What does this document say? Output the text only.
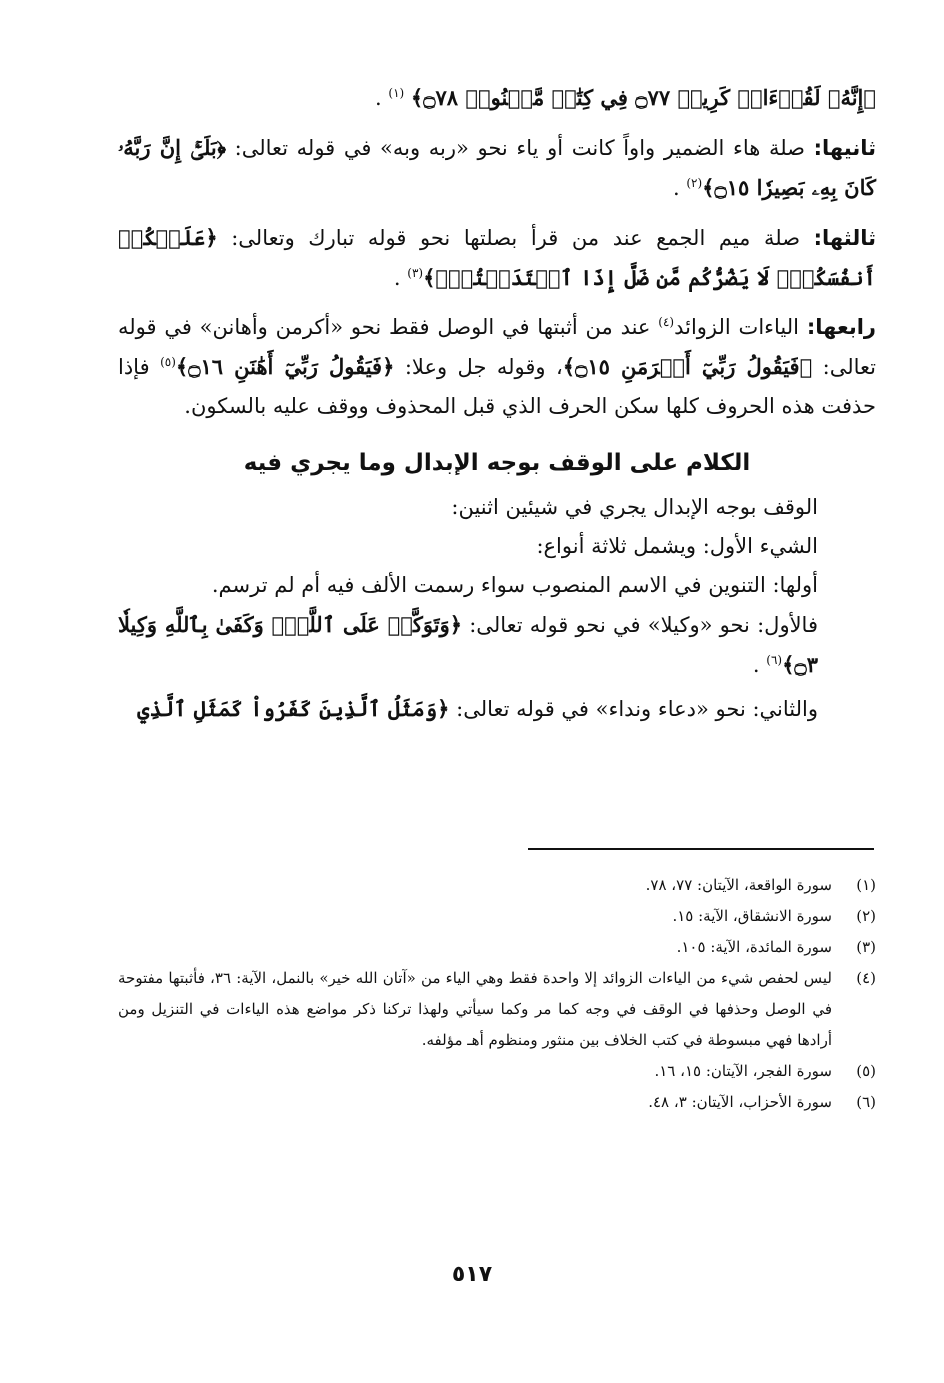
﴿إِنَّهُۥ لَقُرۡءَانٞ كَرِيمٞ ۝٧٧ فِي كِتَٰبٖ مَّكۡنُونٖ ۝٧٨﴾ $^{(١)}$ .

ثانيها: صلة هاء الضمير واواً كانت أو ياء نحو «ربه وبه» في قوله تعالى: ﴿بَلَىٰٓۚ إِنَّ رَبَّهُۥ كَانَ بِهِۦ بَصِيرٗا ۝١٥﴾$^{(٢)}$ .

ثالثها: صلة ميم الجمع عند من قرأ بصلتها نحو قوله تبارك وتعالى: ﴿عَلَيۡكُمۡ أَنفُسَكُمۡۖ لَا يَضُرُّكُم مَّن ضَلَّ إِذَا ٱهۡتَدَيۡتُمۡۚ﴾$^{(٣)}$ .

رابعها: الياءات الزوائد$^{(٤)}$ عند من أثبتها في الوصل فقط نحو «أكرمن وأهانن» في قوله تعالى: ﴿فَيَقُولُ رَبِّيٓ أَكۡرَمَنِ ۝١٥﴾، وقوله جل وعلا: ﴿فَيَقُولُ رَبِّيٓ أَهَٰنَنِ ۝١٦﴾$^{(٥)}$ فإذا حذفت هذه الحروف كلها سكن الحرف الذي قبل المحذوف ووقف عليه بالسكون.

الكلام على الوقف بوجه الإبدال وما يجري فيه
الوقف بوجه الإبدال يجري في شيئين اثنين:
الشيء الأول: ويشمل ثلاثة أنواع:
أولها: التنوين في الاسم المنصوب سواء رسمت الألف فيه أم لم ترسم.

فالأول: نحو «وكيلا» في نحو قوله تعالى: ﴿وَتَوَكَّلۡ عَلَى ٱللَّهِۚ وَكَفَىٰ بِٱللَّهِ وَكِيلٗا ۝٣﴾$^{(٦)}$ .

والثاني: نحو «دعاء ونداء» في قوله تعالى: ﴿وَمَثَلُ ٱلَّذِينَ كَفَرُواْ كَمَثَلِ ٱلَّذِي

(١)
سورة الواقعة، الآيتان: ٧٧، ٧٨.
(٢)
سورة الانشقاق، الآية: ١٥.
(٣)
سورة المائدة، الآية: ١٠٥.
(٤)
ليس لحفص شيء من الياءات الزوائد إلا واحدة فقط وهي الياء من «آتان الله خير» بالنمل، الآية: ٣٦، فأثبتها مفتوحة في الوصل وحذفها في الوقف في وجه كما مر وكما سيأتي ولهذا تركنا ذكر مواضع هذه الياءات في التنزيل ومن أرادها فهي مبسوطة في كتب الخلاف بين منثور ومنظوم أهـ مؤلفه.
(٥)
سورة الفجر، الآيتان: ١٥، ١٦.
(٦)
سورة الأحزاب، الآيتان: ٣، ٤٨.
٥١٧
